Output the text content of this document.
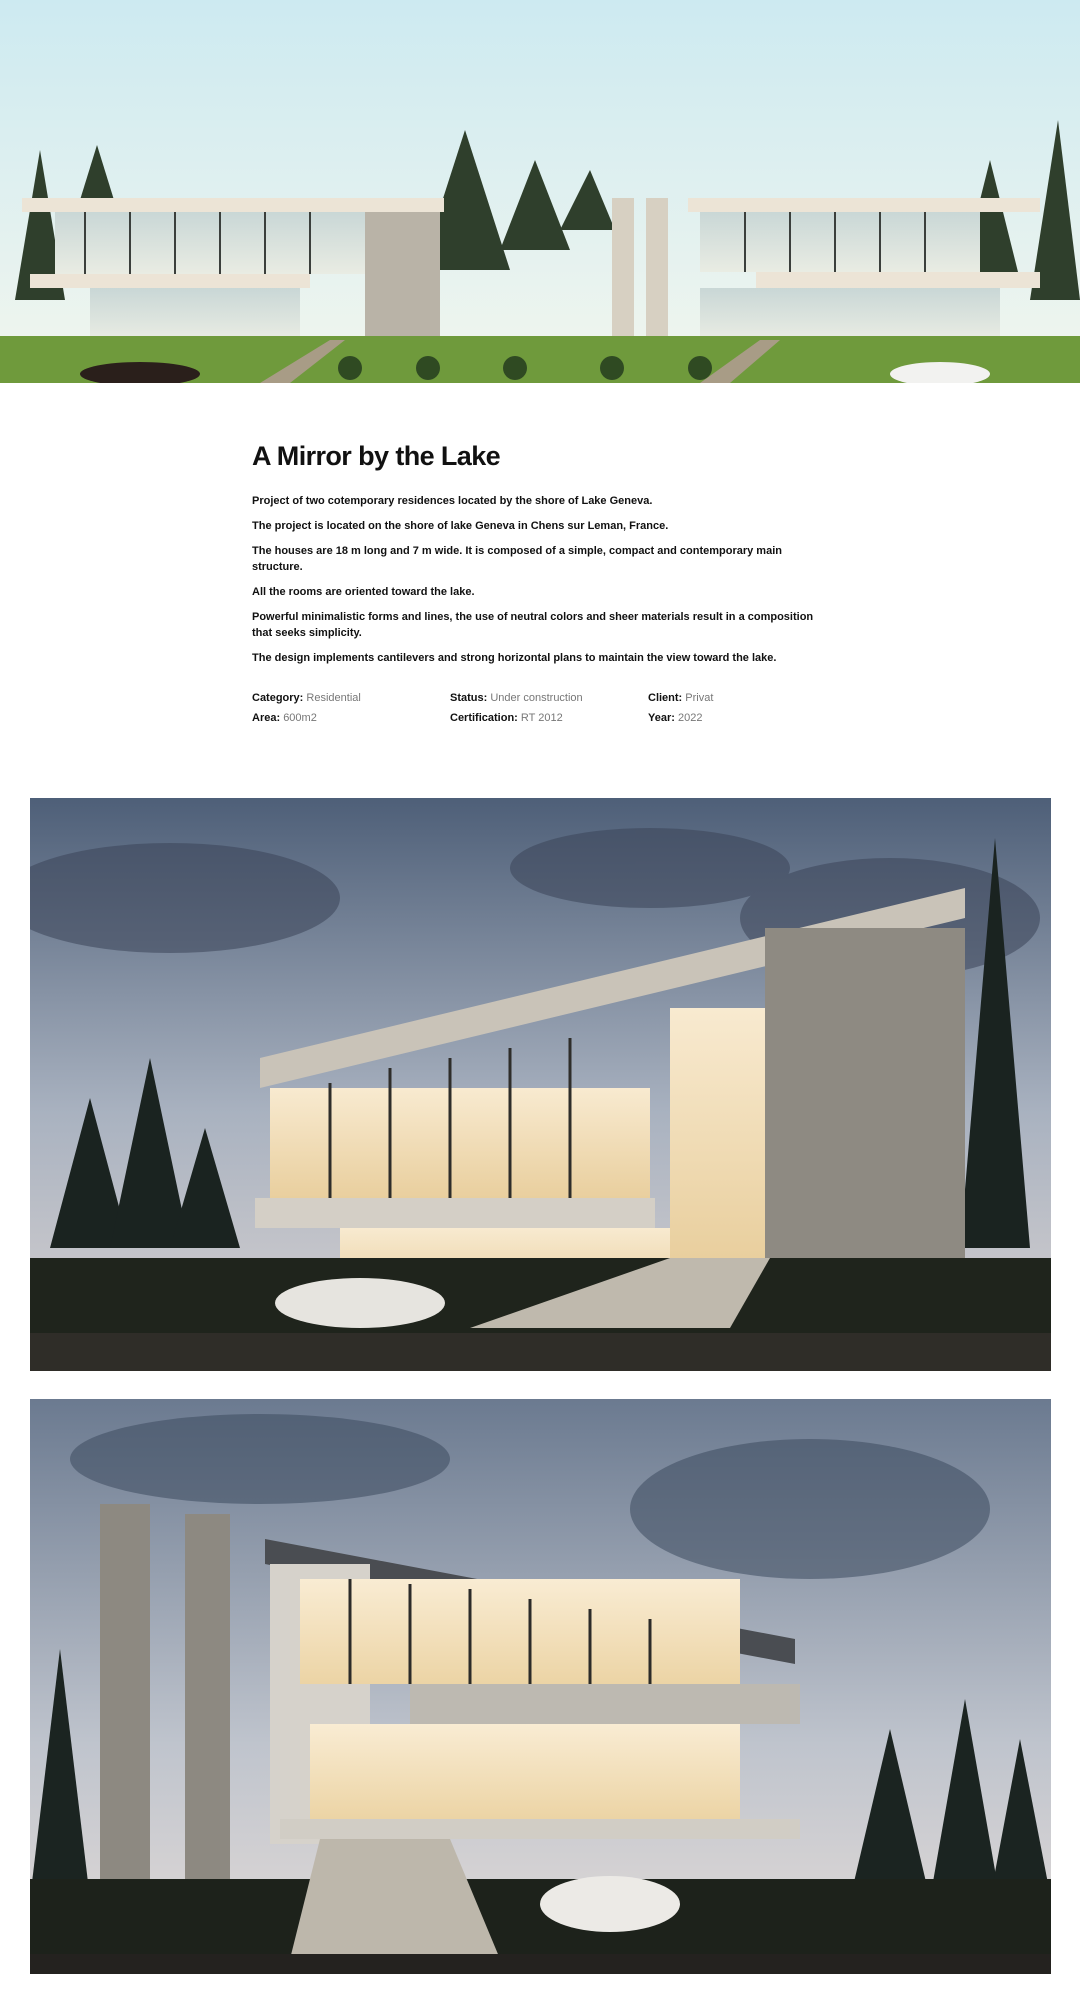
A Mirror by the Lake

Project of two cotemporary residences located by the shore of Lake Geneva.

The project is located on the shore of lake Geneva in Chens sur Leman, France.

The houses are 18 m long and 7 m wide. It is composed of a simple, compact and contemporary main structure.

All the rooms are oriented toward the lake.

Powerful minimalistic forms and lines, the use of neutral colors and sheer materials result in a composition that seeks simplicity.

The design implements cantilevers and strong horizontal plans to maintain the view toward the lake.

Category: Residential	Status: Under construction	Client: Privat
Area: 600m2	Certification: RT 2012	Year: 2022
